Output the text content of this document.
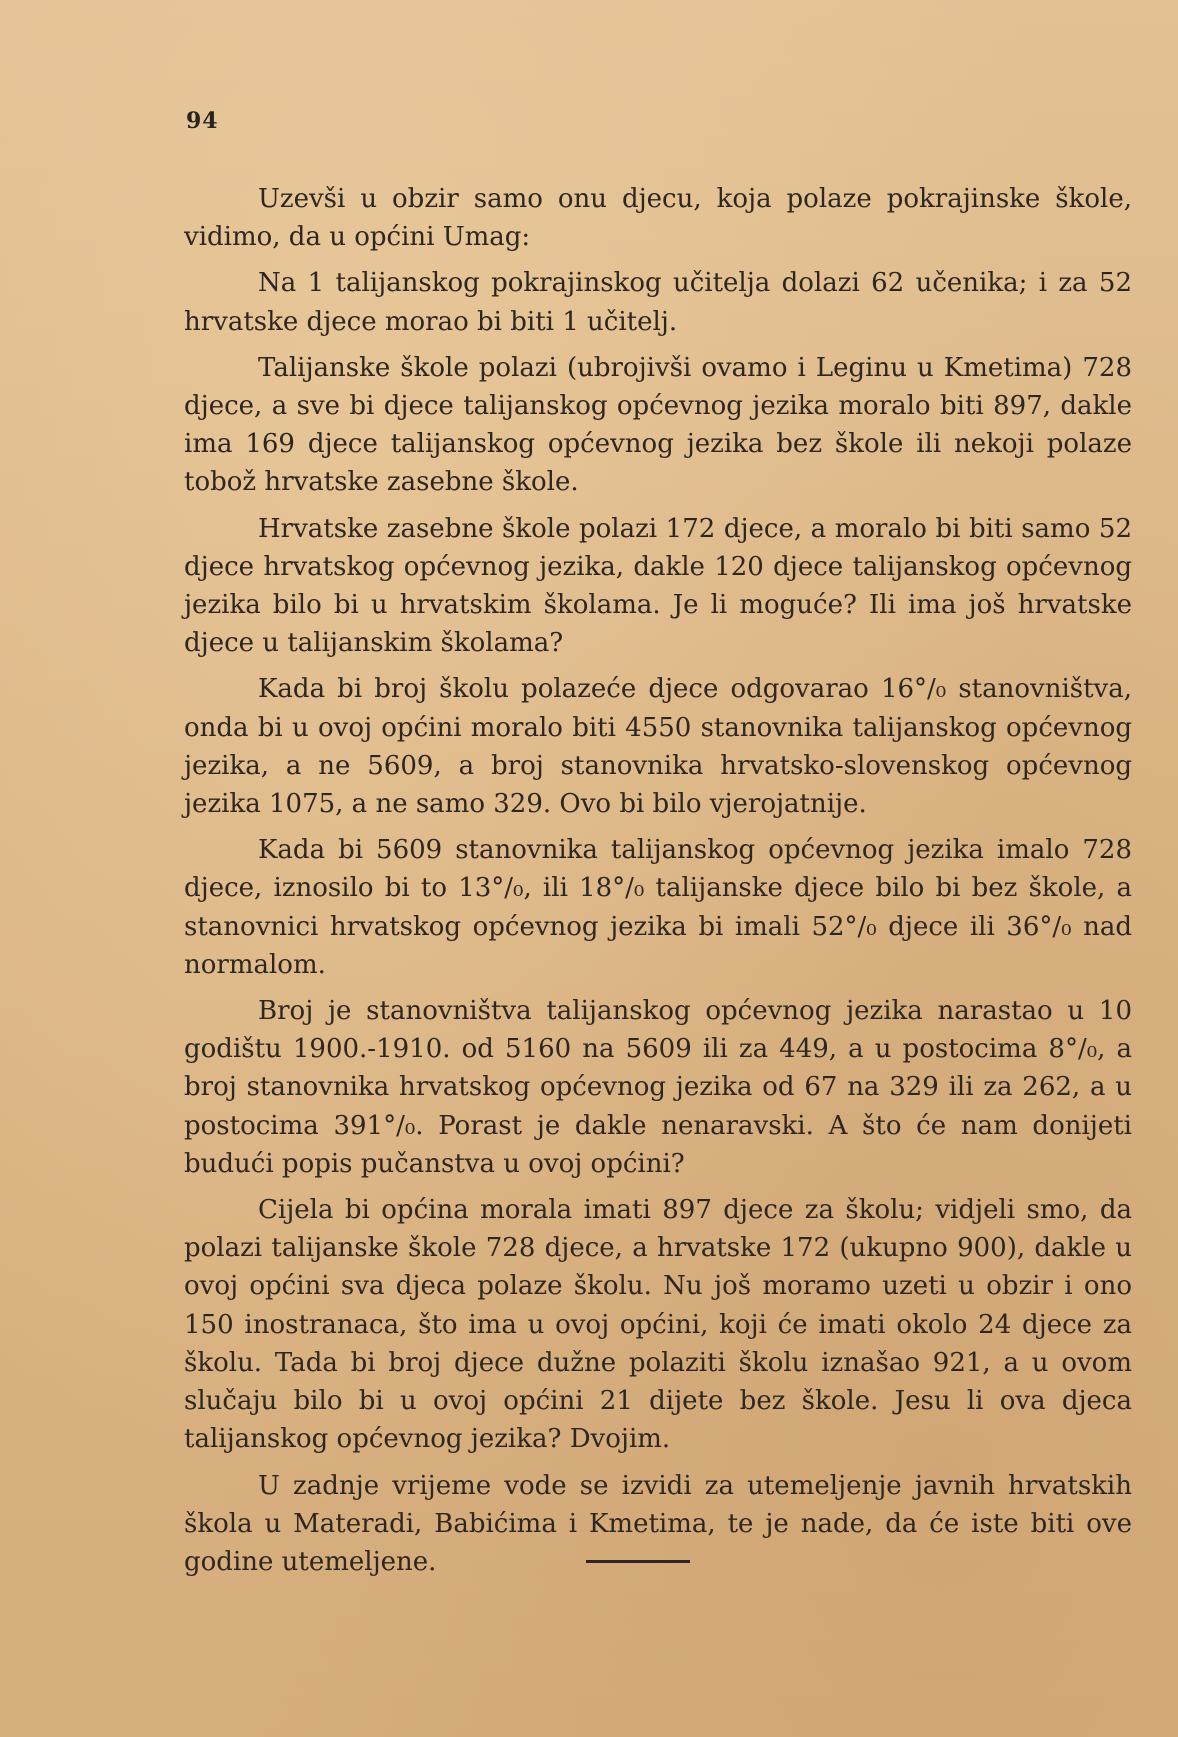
94

Uzevši u obzir samo onu djecu, koja polaze pokrajinske škole, vidimo, da u općini Umag:

Na 1 talijanskog pokrajinskog učitelja dolazi 62 učenika; i za 52 hrvatske djece morao bi biti 1 učitelj.

Talijanske škole polazi (ubrojivši ovamo i Leginu u Kmetima) 728 djece, a sve bi djece talijanskog općevnog jezika moralo biti 897, dakle ima 169 djece talijanskog općevnog jezika bez škole ili nekoji polaze tobož hrvatske zasebne škole.

Hrvatske zasebne škole polazi 172 djece, a moralo bi biti samo 52 djece hrvatskog općevnog jezika, dakle 120 djece talijanskog općevnog jezika bilo bi u hrvatskim školama. Je li moguće? Ili ima još hrvatske djece u talijanskim školama?

Kada bi broj školu polazeće djece odgovarao 16°/₀ stanovništva, onda bi u ovoj općini moralo biti 4550 stanovnika talijanskog općevnog jezika, a ne 5609, a broj stanovnika hrvatsko-slovenskog općevnog jezika 1075, a ne samo 329. Ovo bi bilo vjerojatnije.

Kada bi 5609 stanovnika talijanskog općevnog jezika imalo 728 djece, iznosilo bi to 13°/₀, ili 18°/₀ talijanske djece bilo bi bez škole, a stanovnici hrvatskog općevnog jezika bi imali 52°/₀ djece ili 36°/₀ nad normalom.

Broj je stanovništva talijanskog općevnog jezika narastao u 10 godištu 1900.-1910. od 5160 na 5609 ili za 449, a u postocima 8°/₀, a broj stanovnika hrvatskog općevnog jezika od 67 na 329 ili za 262, a u postocima 391°/₀. Porast je dakle nenaravski. A što će nam donijeti budući popis pučanstva u ovoj općini?

Cijela bi općina morala imati 897 djece za školu; vidjeli smo, da polazi talijanske škole 728 djece, a hrvatske 172 (ukupno 900), dakle u ovoj općini sva djeca polaze školu. Nu još moramo uzeti u obzir i ono 150 inostranaca, što ima u ovoj općini, koji će imati okolo 24 djece za školu. Tada bi broj djece dužne polaziti školu iznašao 921, a u ovom slučaju bilo bi u ovoj općini 21 dijete bez škole. Jesu li ova djeca talijanskog općevnog jezika? Dvojim.

U zadnje vrijeme vode se izvidi za utemeljenje javnih hrvatskih škola u Materadi, Babićima i Kmetima, te je nade, da će iste biti ove godine utemeljene.
